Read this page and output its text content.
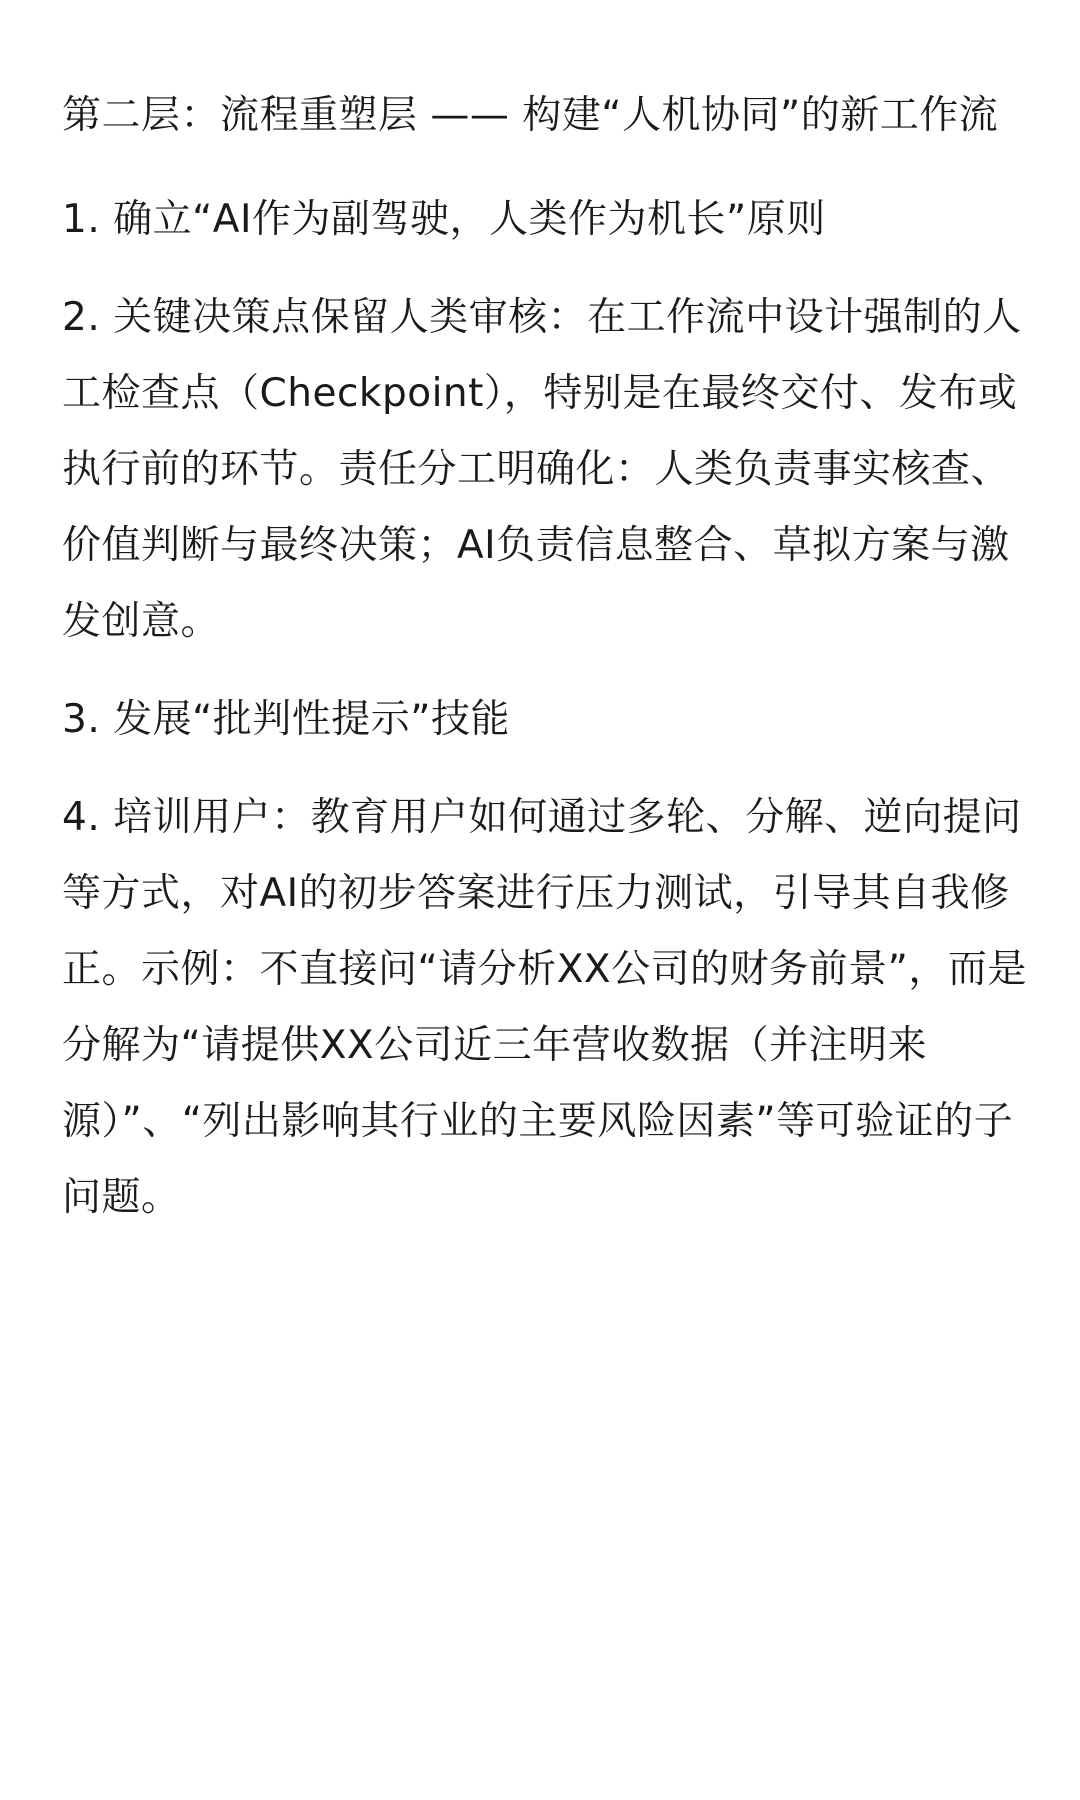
第二层：流程重塑层 —— 构建“人机协同”的新工作流

1. 确立“AI作为副驾驶，人类作为机长”原则

2. 关键决策点保留人类审核：在工作流中设计强制的人工检查点（Checkpoint），特别是在最终交付、发布或执行前的环节。责任分工明确化：人类负责事实核查、价值判断与最终决策；AI负责信息整合、草拟方案与激发创意。

3. 发展“批判性提示”技能

4. 培训用户：教育用户如何通过多轮、分解、逆向提问等方式，对AI的初步答案进行压力测试，引导其自我修正。示例：不直接问“请分析XX公司的财务前景”，而是分解为“请提供XX公司近三年营收数据（并注明来源）”、“列出影响其行业的主要风险因素”等可验证的子问题。
